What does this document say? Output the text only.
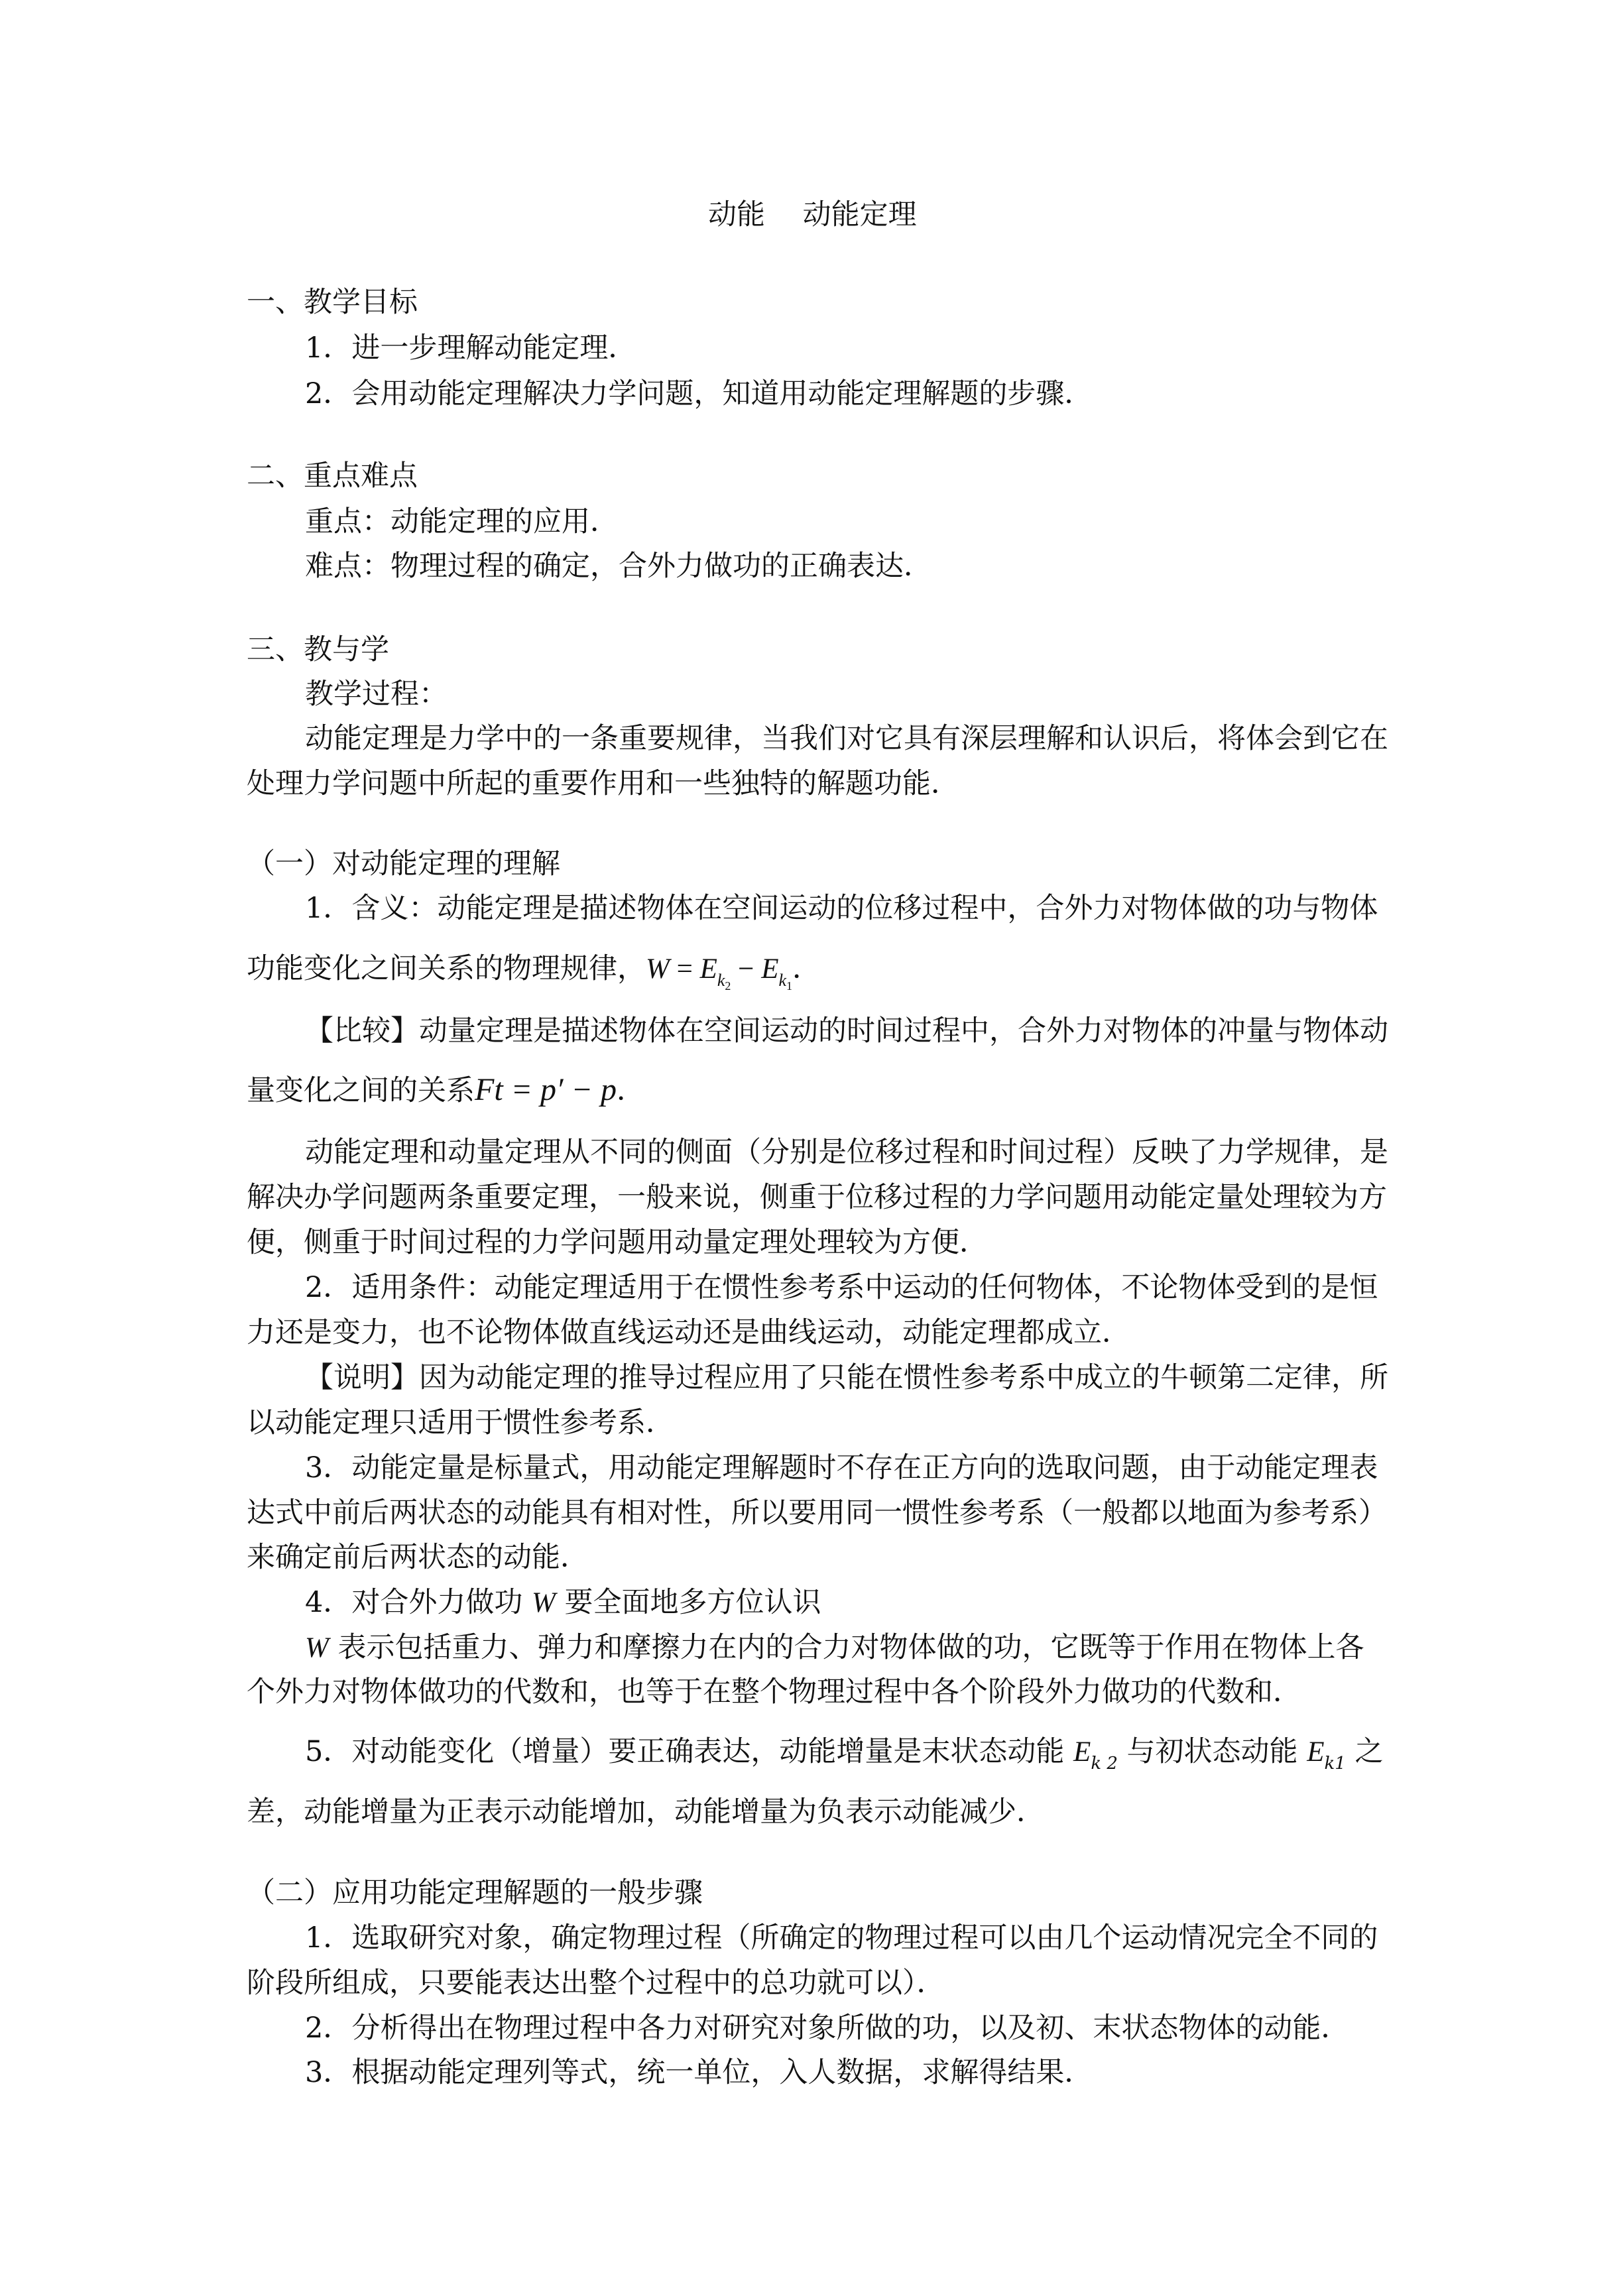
动能　 动能定理
一、教学目标
1．进一步理解动能定理．
2．会用动能定理解决力学问题，知道用动能定理解题的步骤．
二、重点难点
重点：动能定理的应用．
难点：物理过程的确定，合外力做功的正确表达．
三、教与学
教学过程：
动能定理是力学中的一条重要规律，当我们对它具有深层理解和认识后，将体会到它在
处理力学问题中所起的重要作用和一些独特的解题功能．
（一）对动能定理的理解
1．含义：动能定理是描述物体在空间运动的位移过程中，合外力对物体做的功与物体
功能变化之间关系的物理规律，$W = E_{k_2} - E_{k_1}$．
【比较】动量定理是描述物体在空间运动的时间过程中，合外力对物体的冲量与物体动
量变化之间的关系Ft = p′ − p．
动能定理和动量定理从不同的侧面（分别是位移过程和时间过程）反映了力学规律，是
解决办学问题两条重要定理，一般来说，侧重于位移过程的力学问题用动能定量处理较为方
便，侧重于时间过程的力学问题用动量定理处理较为方便．
2．适用条件：动能定理适用于在惯性参考系中运动的任何物体，不论物体受到的是恒
力还是变力，也不论物体做直线运动还是曲线运动，动能定理都成立．
【说明】因为动能定理的推导过程应用了只能在惯性参考系中成立的牛顿第二定律，所
以动能定理只适用于惯性参考系．
3．动能定量是标量式，用动能定理解题时不存在正方向的选取问题，由于动能定理表
达式中前后两状态的动能具有相对性，所以要用同一惯性参考系（一般都以地面为参考系）
来确定前后两状态的动能．
4．对合外力做功 W 要全面地多方位认识
W 表示包括重力、弹力和摩擦力在内的合力对物体做的功，它既等于作用在物体上各
个外力对物体做功的代数和，也等于在整个物理过程中各个阶段外力做功的代数和．
5．对动能变化（增量）要正确表达，动能增量是末状态动能 $E_{k 2}$ 与初状态动能 $E_{k1}$ 之
差，动能增量为正表示动能增加，动能增量为负表示动能减少．
（二）应用功能定理解题的一般步骤
1．选取研究对象，确定物理过程（所确定的物理过程可以由几个运动情况完全不同的
阶段所组成，只要能表达出整个过程中的总功就可以）．
2．分析得出在物理过程中各力对研究对象所做的功，以及初、末状态物体的动能．
3．根据动能定理列等式，统一单位，入人数据，求解得结果．
